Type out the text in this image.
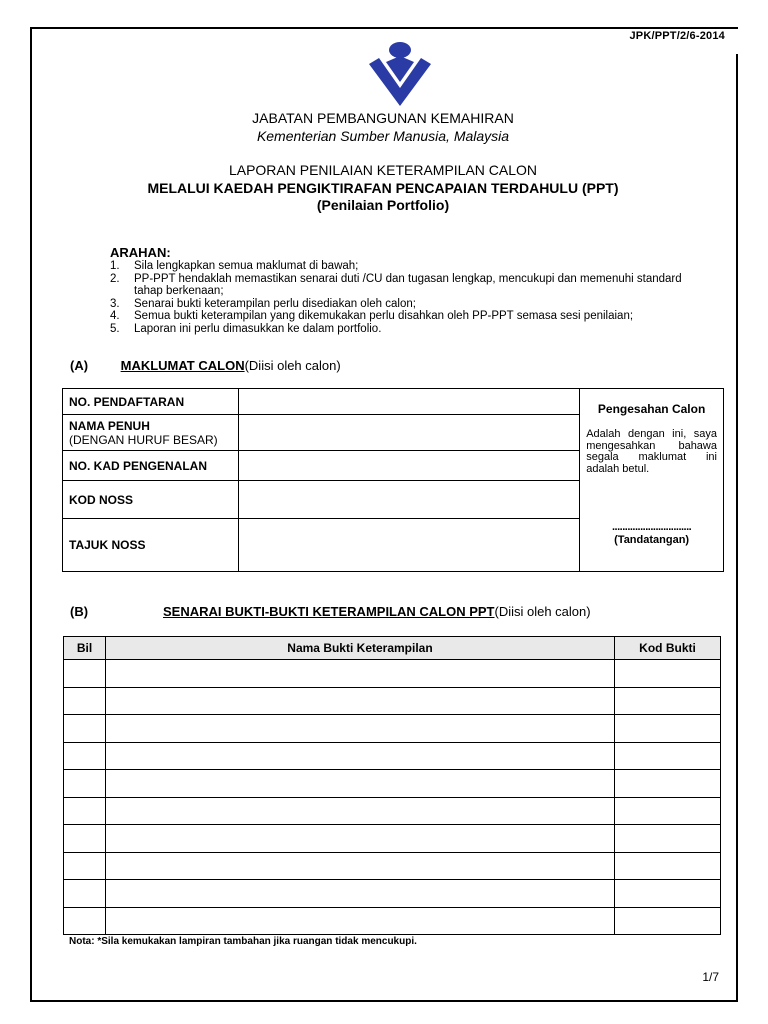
JPK/PPT/2/6-2014
JABATAN PEMBANGUNAN KEMAHIRAN
Kementerian Sumber Manusia, Malaysia
LAPORAN PENILAIAN KETERAMPILAN CALON
MELALUI KAEDAH PENGIKTIRAFAN PENCAPAIAN TERDAHULU (PPT)
(Penilaian Portfolio)
ARAHAN:
1. Sila lengkapkan semua maklumat di bawah;
2. PP-PPT hendaklah memastikan senarai duti /CU dan tugasan lengkap, mencukupi dan memenuhi standard tahap berkenaan;
3. Senarai bukti keterampilan perlu disediakan oleh calon;
4. Semua bukti keterampilan yang dikemukakan perlu disahkan oleh PP-PPT semasa sesi penilaian;
5. Laporan ini perlu dimasukkan ke dalam portfolio.
(A)	MAKLUMAT CALON(Diisi oleh calon)
NO. PENDAFTARAN		Pengesahan Calon
Adalah dengan ini, saya mengesahkan bahawa segala maklumat ini adalah betul.
...............................
(Tandatangan)

NAMA PENUH
(DENGAN HURUF BESAR)		

NO. KAD PENGENALAN		
KOD NOSS		
TAJUK NOSS		
(B)	SENARAI BUKTI-BUKTI KETERAMPILAN CALON PPT(Diisi oleh calon)
Bil	Nama Bukti Keterampilan	Kod Bukti

Nota: *Sila kemukakan lampiran tambahan jika ruangan tidak mencukupi.
1/7
